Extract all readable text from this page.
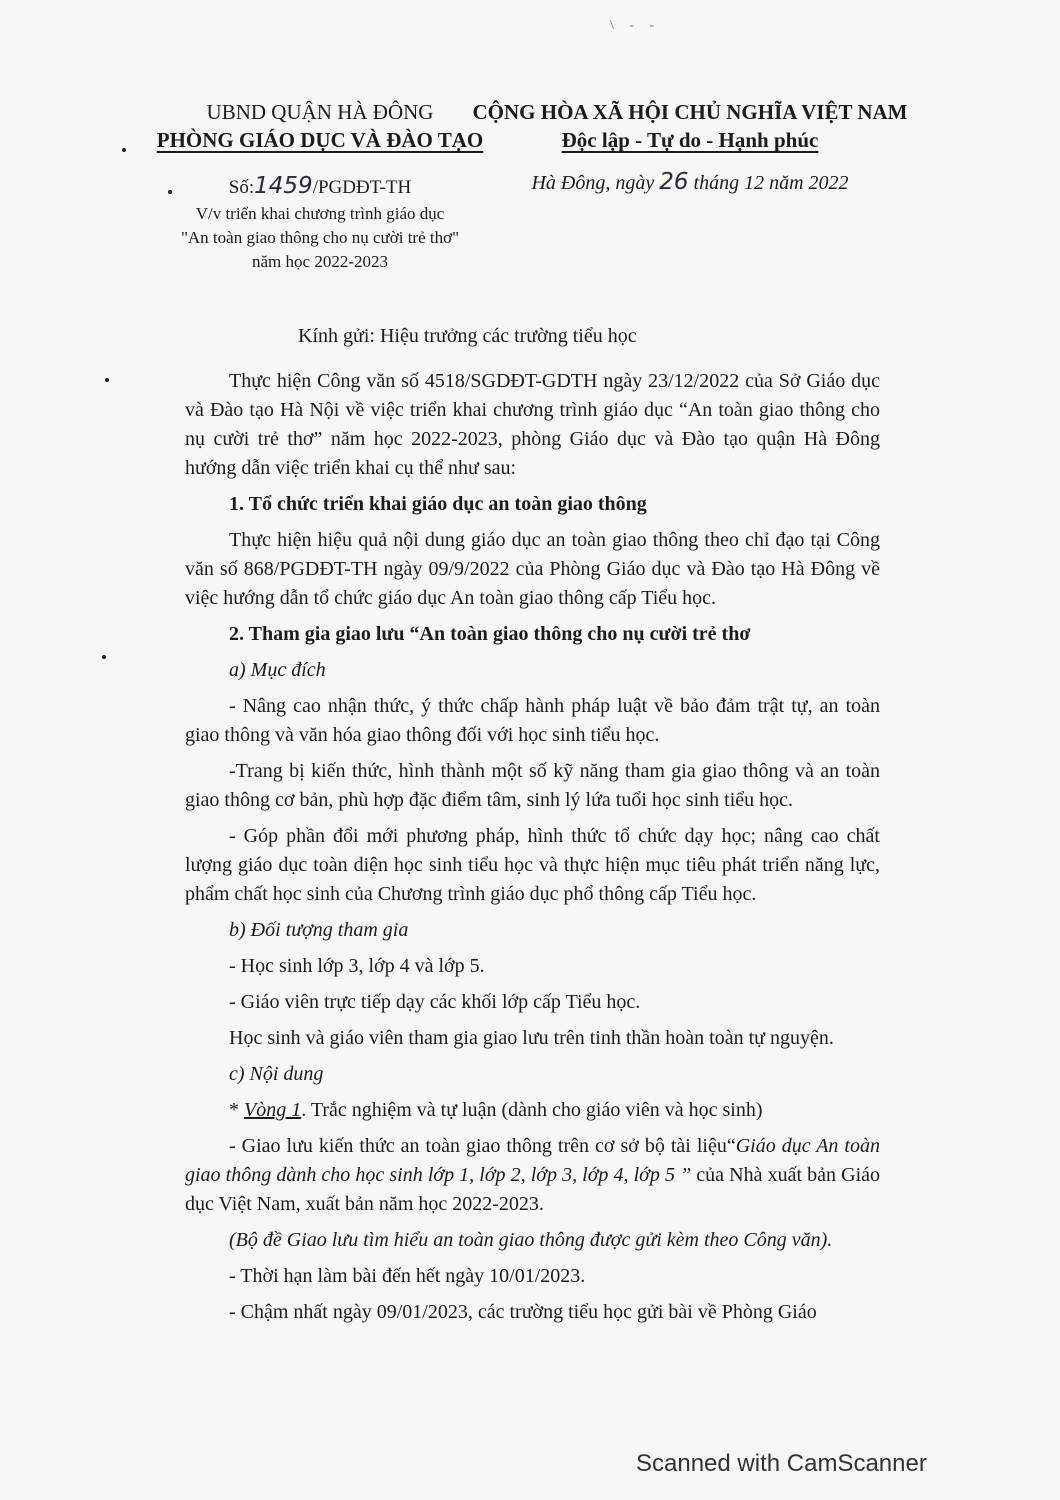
\ - -
UBND QUẬN HÀ ĐÔNG
PHÒNG GIÁO DỤC VÀ ĐÀO TẠO
CỘNG HÒA XÃ HỘI CHỦ NGHĨA VIỆT NAM
Độc lập - Tự do - Hạnh phúc
Số:1459/PGDĐT-TH
V/v triển khai chương trình giáo dục
"An toàn giao thông cho nụ cười trẻ thơ"
năm học 2022-2023
Hà Đông, ngày 26 tháng 12 năm 2022
Kính gửi: Hiệu trưởng các trường tiểu học

Thực hiện Công văn số 4518/SGDĐT-GDTH ngày 23/12/2022 của Sở Giáo dục và Đào tạo Hà Nội về việc triển khai chương trình giáo dục “An toàn giao thông cho nụ cười trẻ thơ” năm học 2022-2023, phòng Giáo dục và Đào tạo quận Hà Đông hướng dẫn việc triển khai cụ thể như sau:

1. Tổ chức triển khai giáo dục an toàn giao thông

Thực hiện hiệu quả nội dung giáo dục an toàn giao thông theo chỉ đạo tại Công văn số 868/PGDĐT-TH ngày 09/9/2022 của Phòng Giáo dục và Đào tạo Hà Đông về việc hướng dẫn tổ chức giáo dục An toàn giao thông cấp Tiểu học.

2. Tham gia giao lưu “An toàn giao thông cho nụ cười trẻ thơ

a) Mục đích

- Nâng cao nhận thức, ý thức chấp hành pháp luật về bảo đảm trật tự, an toàn giao thông và văn hóa giao thông đối với học sinh tiểu học.

-Trang bị kiến thức, hình thành một số kỹ năng tham gia giao thông và an toàn giao thông cơ bản, phù hợp đặc điểm tâm, sinh lý lứa tuổi học sinh tiểu học.

- Góp phần đổi mới phương pháp, hình thức tổ chức dạy học; nâng cao chất lượng giáo dục toàn diện học sinh tiểu học và thực hiện mục tiêu phát triển năng lực, phẩm chất học sinh của Chương trình giáo dục phổ thông cấp Tiểu học.

b) Đối tượng tham gia

- Học sinh lớp 3, lớp 4 và lớp 5.

- Giáo viên trực tiếp dạy các khối lớp cấp Tiểu học.

Học sinh và giáo viên tham gia giao lưu trên tinh thần hoàn toàn tự nguyện.

c) Nội dung

* Vòng 1. Trắc nghiệm và tự luận (dành cho giáo viên và học sinh)

- Giao lưu kiến thức an toàn giao thông trên cơ sở bộ tài liệu“Giáo dục An toàn giao thông dành cho học sinh lớp 1, lớp 2, lớp 3, lớp 4, lớp 5 ” của Nhà xuất bản Giáo dục Việt Nam, xuất bản năm học 2022-2023.

(Bộ đề Giao lưu tìm hiểu an toàn giao thông được gửi kèm theo Công văn).

- Thời hạn làm bài đến hết ngày 10/01/2023.

- Chậm nhất ngày 09/01/2023, các trường tiểu học gửi bài về Phòng Giáo

Scanned with CamScanner
